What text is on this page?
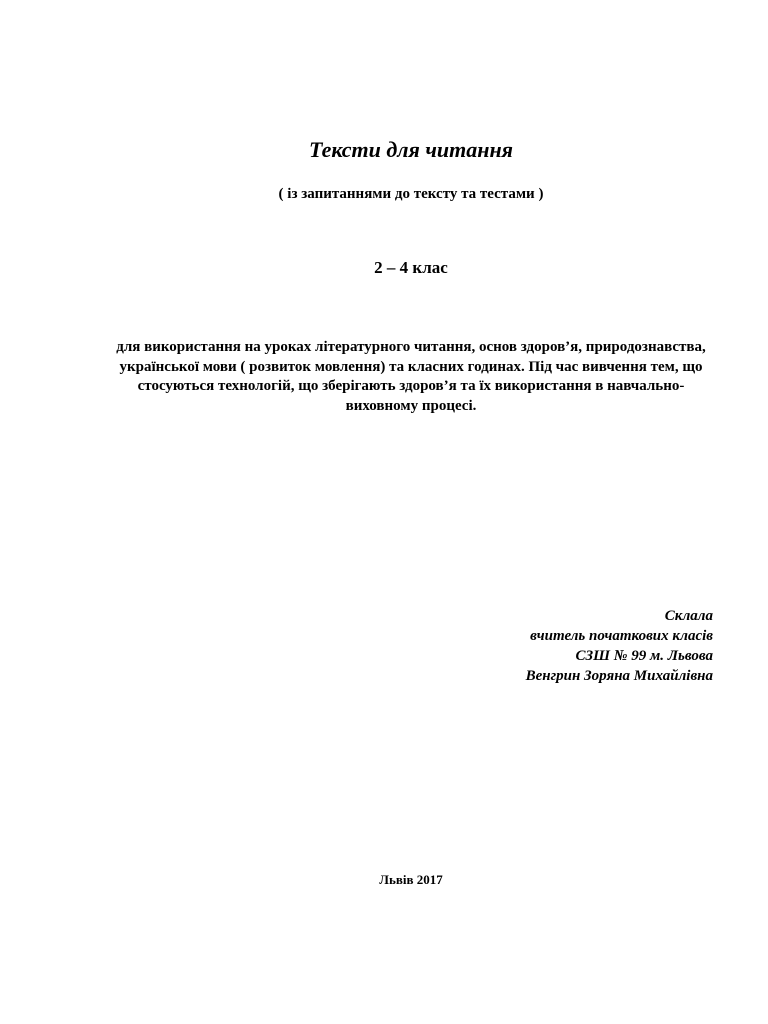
Тексти для читання

( із запитаннями до тексту та тестами )

2 – 4 клас

для використання на уроках літературного читання, основ здоров’я, природознавства, української мови ( розвиток мовлення) та класних годинах. Під час вивчення тем, що стосуються технологій, що зберігають здоров’я та їх використання в навчально-виховному процесі.

Склала
вчитель початкових класів
СЗШ № 99 м. Львова
Венгрин Зоряна Михайлівна

Львів 2017
